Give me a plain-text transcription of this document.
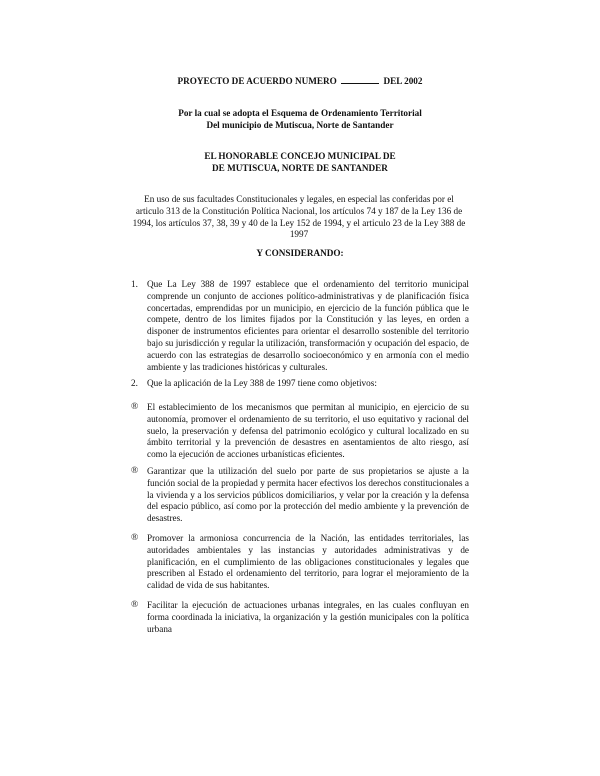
PROYECTO DE ACUERDO NUMERO	DEL 2002
Por la cual se adopta el Esquema de Ordenamiento Territorial
Del municipio de Mutiscua, Norte de Santander
EL HONORABLE CONCEJO MUNICIPAL DE
DE MUTISCUA, NORTE DE SANTANDER
En uso de sus facultades Constitucionales y legales, en especial las conferidas por el articulo 313 de la Constitución Política Nacional, los artículos 74 y 187 de la Ley 136 de 1994, los artículos 37, 38, 39 y 40 de la Ley 152 de 1994, y el articulo 23 de la Ley 388 de 1997
Y CONSIDERANDO:
1. Que La Ley 388 de 1997 establece que el ordenamiento del territorio municipal comprende un conjunto de acciones político-administrativas y de planificación física concertadas, emprendidas por un municipio, en ejercicio de la función pública que le compete, dentro de los limites fijados por la Constitución y las leyes, en orden a disponer de instrumentos eficientes para orientar el desarrollo sostenible del territorio bajo su jurisdicción y regular la utilización, transformación y ocupación del espacio, de acuerdo con las estrategias de desarrollo socioeconómico y en armonía con el medio ambiente y las tradiciones históricas y culturales.
2. Que la aplicación de la Ley 388 de 1997 tiene como objetivos:
® El establecimiento de los mecanismos que permitan al municipio, en ejercicio de su autonomía, promover el ordenamiento de su territorio, el uso equitativo y racional del suelo, la preservación y defensa del patrimonio ecológico y cultural localizado en su ámbito territorial y la prevención de desastres en asentamientos de alto riesgo, así como la ejecución de acciones urbanísticas eficientes.
® Garantizar que la utilización del suelo por parte de sus propietarios se ajuste a la función social de la propiedad y permita hacer efectivos los derechos constitucionales a la vivienda y a los servicios públicos domiciliarios, y velar por la creación y la defensa del espacio público, así como por la protección del medio ambiente y la prevención de desastres.
® Promover la armoniosa concurrencia de la Nación, las entidades territoriales, las autoridades ambientales y las instancias y autoridades administrativas y de planificación, en el cumplimiento de las obligaciones constitucionales y legales que prescriben al Estado el ordenamiento del territorio, para lograr el mejoramiento de la calidad de vida de sus habitantes.
® Facilitar la ejecución de actuaciones urbanas integrales, en las cuales confluyan en forma coordinada la iniciativa, la organización y la gestión municipales con la política urbana
